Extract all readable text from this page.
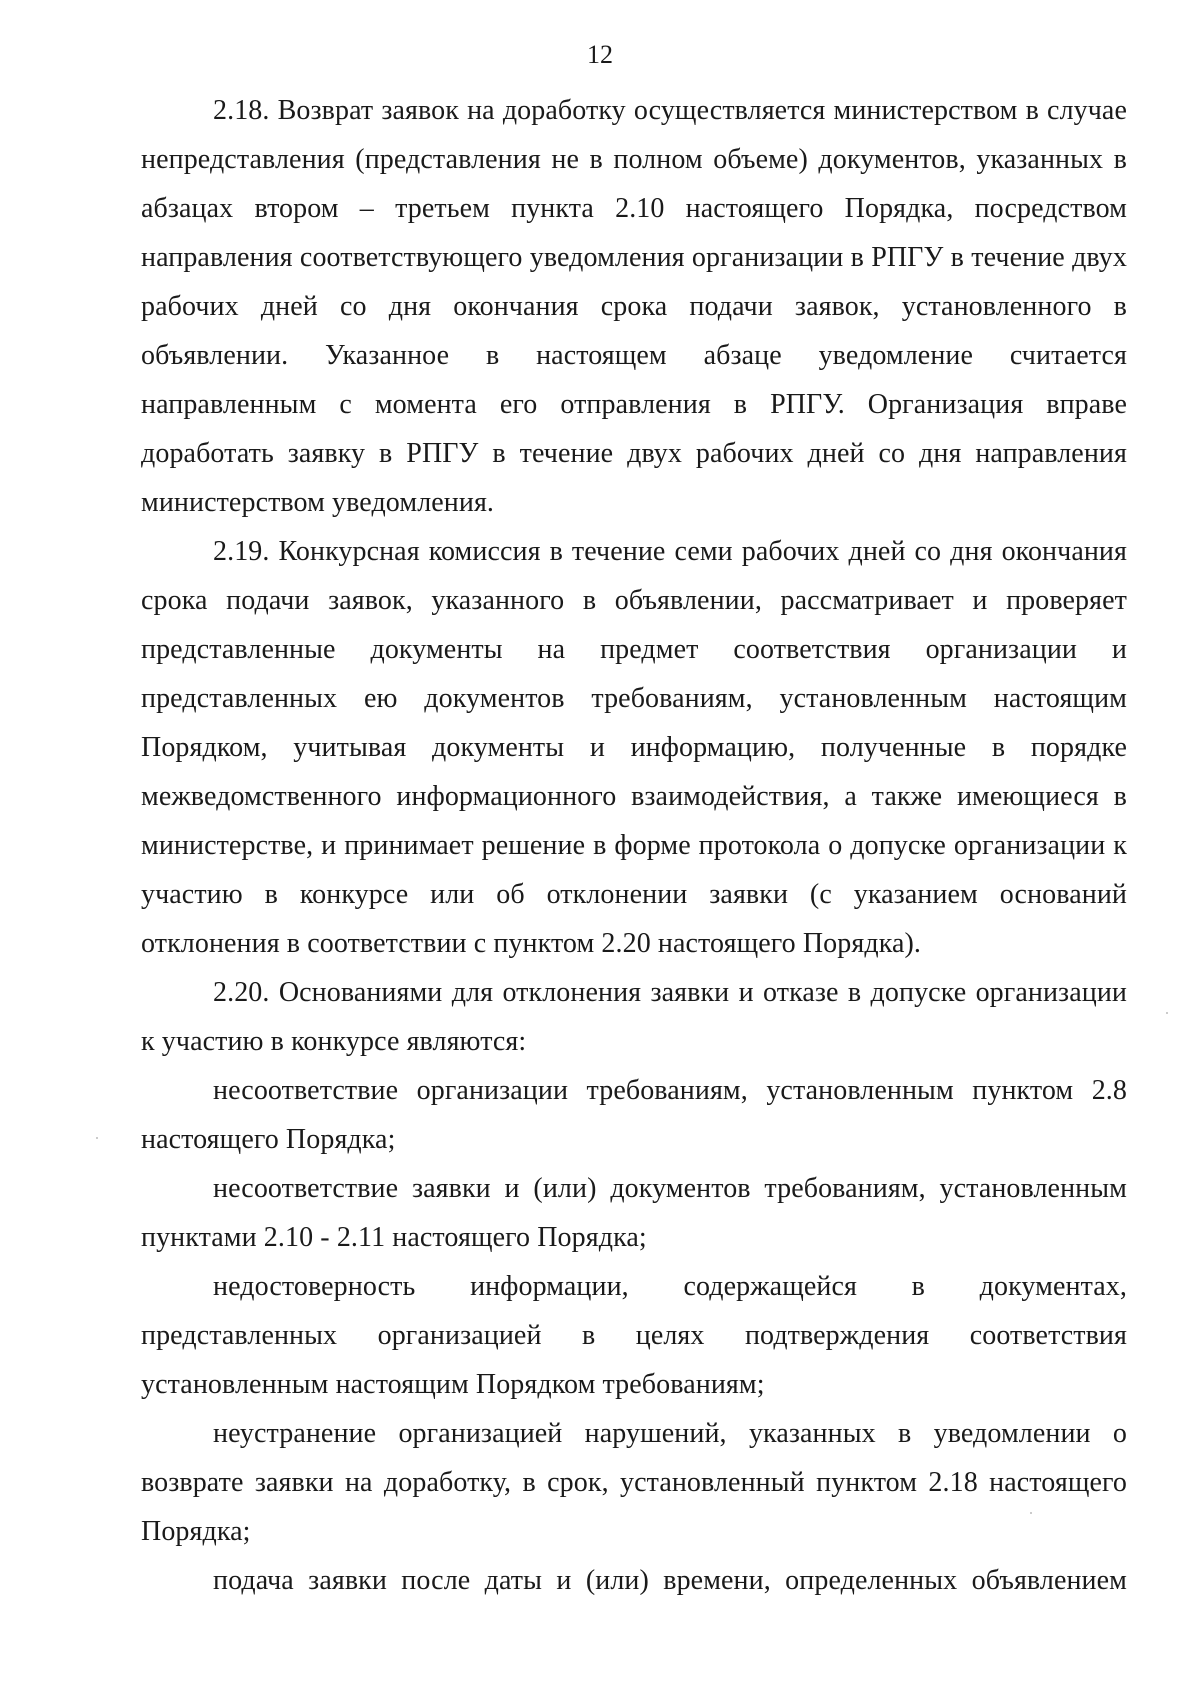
12

2.18. Возврат заявок на доработку осуществляется министерством в случае непредставления (представления не в полном объеме) документов, указанных в абзацах втором – третьем пункта 2.10 настоящего Порядка, посредством направления соответствующего уведомления организации в РПГУ в течение двух рабочих дней со дня окончания срока подачи заявок, установленного в объявлении. Указанное в настоящем абзаце уведомление считается направленным с момента его отправления в РПГУ. Организация вправе доработать заявку в РПГУ в течение двух рабочих дней со дня направления министерством уведомления.

2.19. Конкурсная комиссия в течение семи рабочих дней со дня окончания срока подачи заявок, указанного в объявлении, рассматривает и проверяет представленные документы на предмет соответствия организации и представленных ею документов требованиям, установленным настоящим Порядком, учитывая документы и информацию, полученные в порядке межведомственного информационного взаимодействия, а также имеющиеся в министерстве, и принимает решение в форме протокола о допуске организации к участию в конкурсе или об отклонении заявки (с указанием оснований отклонения в соответствии с пунктом 2.20 настоящего Порядка).

2.20. Основаниями для отклонения заявки и отказе в допуске организации к участию в конкурсе являются:

несоответствие организации требованиям, установленным пунктом 2.8 настоящего Порядка;

несоответствие заявки и (или) документов требованиям, установленным пунктами 2.10 - 2.11 настоящего Порядка;

недостоверность информации, содержащейся в документах, представленных организацией в целях подтверждения соответствия установленным настоящим Порядком требованиям;

неустранение организацией нарушений, указанных в уведомлении о возврате заявки на доработку, в срок, установленный пунктом 2.18 настоящего Порядка;

подача заявки после даты и (или) времени, определенных объявлением
